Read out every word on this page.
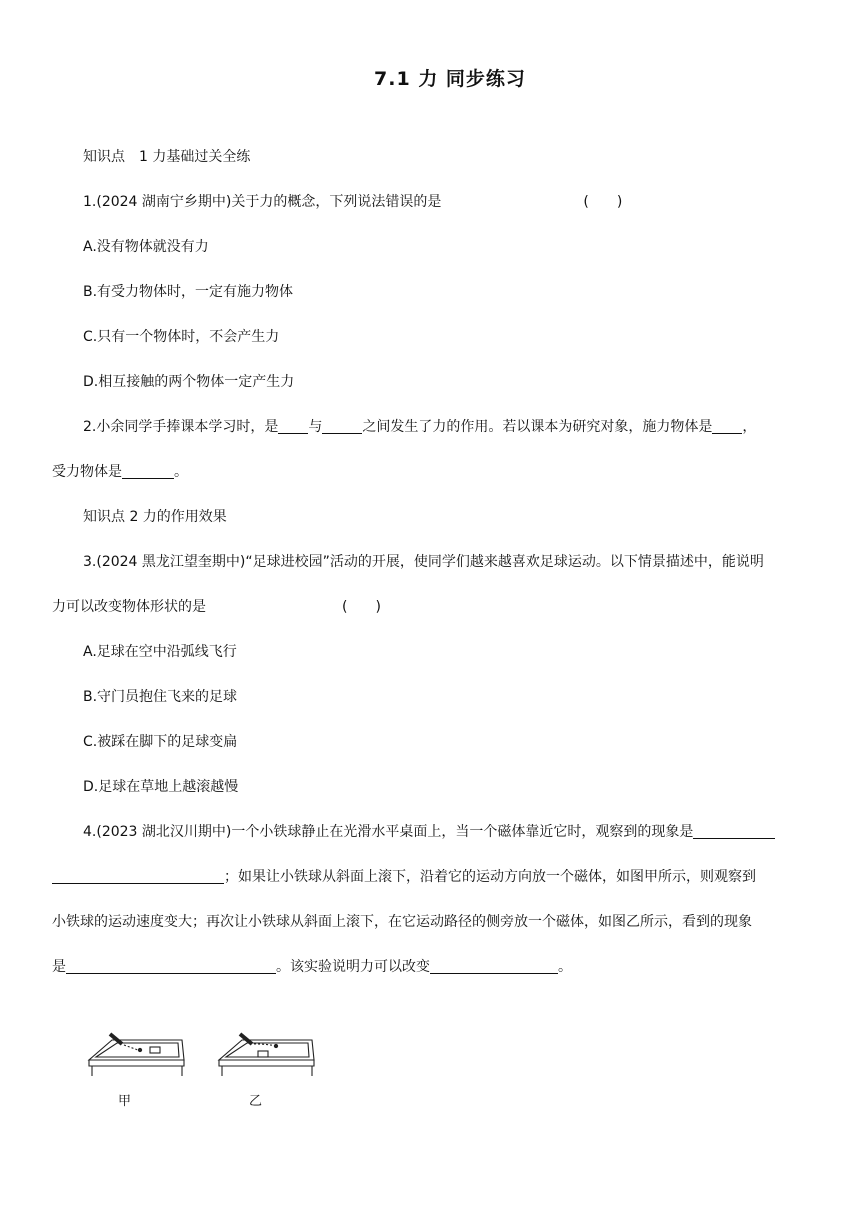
7.1 力 同步练习
知识点　1 力基础过关全练
1.(2024 湖南宁乡期中)关于力的概念，下列说法错误的是	(　　)
A.没有物体就没有力
B.有受力物体时，一定有施力物体
C.只有一个物体时，不会产生力
D.相互接触的两个物体一定产生力
2.小余同学手捧课本学习时，是 与	之间发生了力的作用。若以课本为研究对象，施力物体是 ，
受力物体是	。
知识点 2 力的作用效果
3.(2024 黑龙江望奎期中)“足球进校园”活动的开展，使同学们越来越喜欢足球运动。以下情景描述中，能说明
力可以改变物体形状的是	(　　)
A.足球在空中沿弧线飞行
B.守门员抱住飞来的足球
C.被踩在脚下的足球变扁
D.足球在草地上越滚越慢
4.(2023 湖北汉川期中)一个小铁球静止在光滑水平桌面上，当一个磁体靠近它时，观察到的现象是
；如果让小铁球从斜面上滚下，沿着它的运动方向放一个磁体，如图甲所示，则观察到
小铁球的运动速度变大；再次让小铁球从斜面上滚下，在它运动路径的侧旁放一个磁体，如图乙所示，看到的现象
是	。该实验说明力可以改变	。
甲	乙
